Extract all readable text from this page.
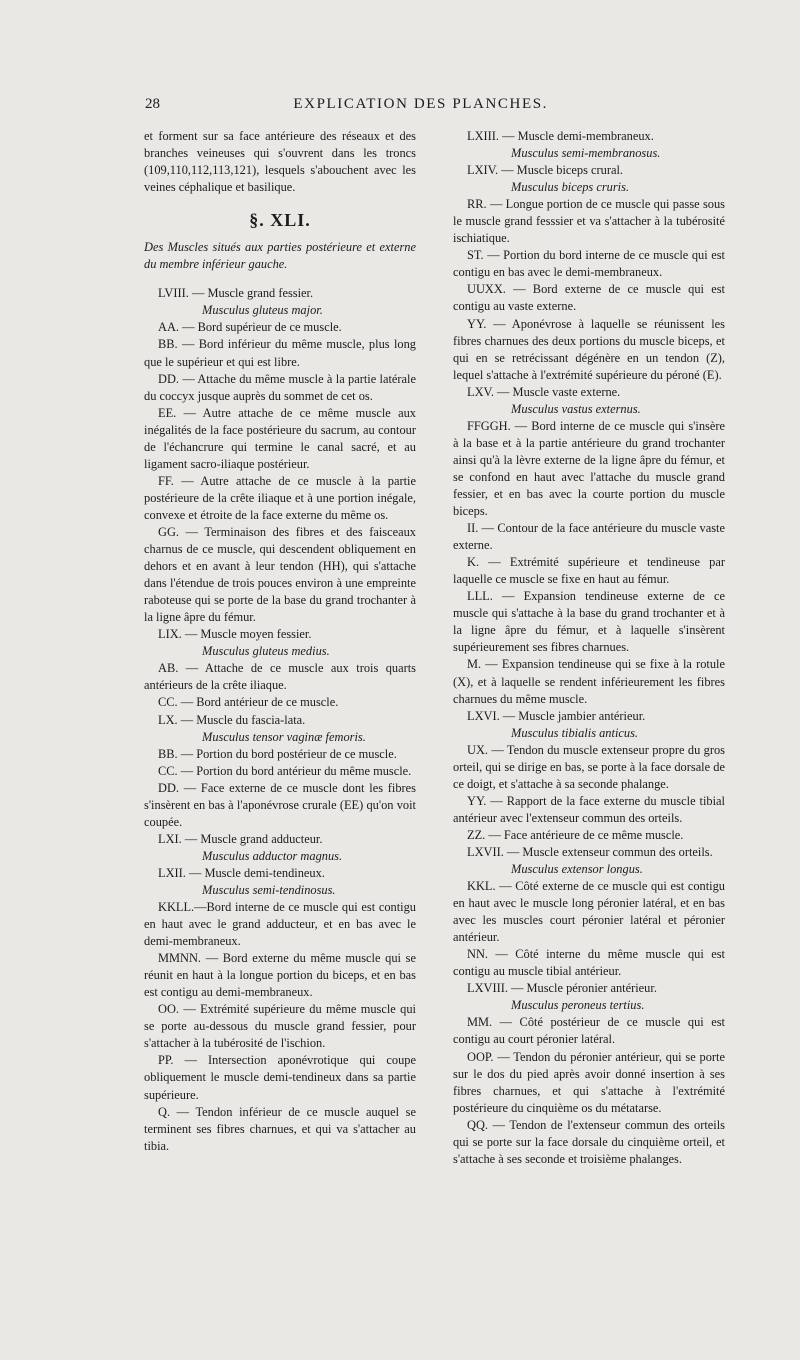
28	EXPLICATION DES PLANCHES.

et forment sur sa face antérieure des réseaux et des branches veineuses qui s'ouvrent dans les troncs (109,110,112,113,121), lesquels s'abouchent avec les veines céphalique et basilique.

§. XLI.

Des Muscles situés aux parties postérieure et externe du membre inférieur gauche.

LVIII. — Muscle grand fessier.

Musculus gluteus major.

AA. — Bord supérieur de ce muscle.

BB. — Bord inférieur du même muscle, plus long que le supérieur et qui est libre.

DD. — Attache du même muscle à la partie latérale du coccyx jusque auprès du sommet de cet os.

EE. — Autre attache de ce même muscle aux inégalités de la face postérieure du sacrum, au contour de l'échancrure qui termine le canal sacré, et au ligament sacro-iliaque postérieur.

FF. — Autre attache de ce muscle à la partie postérieure de la crête iliaque et à une portion inégale, convexe et étroite de la face externe du même os.

GG. — Terminaison des fibres et des faisceaux charnus de ce muscle, qui descendent obliquement en dehors et en avant à leur tendon (HH), qui s'attache dans l'étendue de trois pouces environ à une empreinte raboteuse qui se porte de la base du grand trochanter à la ligne âpre du fémur.

LIX. — Muscle moyen fessier.

Musculus gluteus medius.

AB. — Attache de ce muscle aux trois quarts antérieurs de la crête iliaque.

CC. — Bord antérieur de ce muscle.

LX. — Muscle du fascia-lata.

Musculus tensor vaginæ femoris.

BB. — Portion du bord postérieur de ce muscle.

CC. — Portion du bord antérieur du même muscle.

DD. — Face externe de ce muscle dont les fibres s'insèrent en bas à l'aponévrose crurale (EE) qu'on voit coupée.

LXI. — Muscle grand adducteur.

Musculus adductor magnus.

LXII. — Muscle demi-tendineux.

Musculus semi-tendinosus.

KKLL.—Bord interne de ce muscle qui est contigu en haut avec le grand adducteur, et en bas avec le demi-membraneux.

MMNN. — Bord externe du même muscle qui se réunit en haut à la longue portion du biceps, et en bas est contigu au demi-membraneux.

OO. — Extrémité supérieure du même muscle qui se porte au-dessous du muscle grand fessier, pour s'attacher à la tubérosité de l'ischion.

PP. — Intersection aponévrotique qui coupe obliquement le muscle demi-tendineux dans sa partie supérieure.

Q. — Tendon inférieur de ce muscle auquel se terminent ses fibres charnues, et qui va s'attacher au tibia.

LXIII. — Muscle demi-membraneux.

Musculus semi-membranosus.

LXIV. — Muscle biceps crural.

Musculus biceps cruris.

RR. — Longue portion de ce muscle qui passe sous le muscle grand fesssier et va s'attacher à la tubérosité ischiatique.

ST. — Portion du bord interne de ce muscle qui est contigu en bas avec le demi-membraneux.

UUXX. — Bord externe de ce muscle qui est contigu au vaste externe.

YY. — Aponévrose à laquelle se réunissent les fibres charnues des deux portions du muscle biceps, et qui en se retrécissant dégénère en un tendon (Z), lequel s'attache à l'extrémité supérieure du péroné (E).

LXV. — Muscle vaste externe.

Musculus vastus externus.

FFGGH. — Bord interne de ce muscle qui s'insère à la base et à la partie antérieure du grand trochanter ainsi qu'à la lèvre externe de la ligne âpre du fémur, et se confond en haut avec l'attache du muscle grand fessier, et en bas avec la courte portion du muscle biceps.

II. — Contour de la face antérieure du muscle vaste externe.

K. — Extrémité supérieure et tendineuse par laquelle ce muscle se fixe en haut au fémur.

LLL. — Expansion tendineuse externe de ce muscle qui s'attache à la base du grand trochanter et à la ligne âpre du fémur, et à laquelle s'insèrent supérieurement ses fibres charnues.

M. — Expansion tendineuse qui se fixe à la rotule (X), et à laquelle se rendent inférieurement les fibres charnues du même muscle.

LXVI. — Muscle jambier antérieur.

Musculus tibialis anticus.

UX. — Tendon du muscle extenseur propre du gros orteil, qui se dirige en bas, se porte à la face dorsale de ce doigt, et s'attache à sa seconde phalange.

YY. — Rapport de la face externe du muscle tibial antérieur avec l'extenseur commun des orteils.

ZZ. — Face antérieure de ce même muscle.

LXVII. — Muscle extenseur commun des orteils.

Musculus extensor longus.

KKL. — Côté externe de ce muscle qui est contigu en haut avec le muscle long péronier latéral, et en bas avec les muscles court péronier latéral et péronier antérieur.

NN. — Côté interne du même muscle qui est contigu au muscle tibial antérieur.

LXVIII. — Muscle péronier antérieur.

Musculus peroneus tertius.

MM. — Côté postérieur de ce muscle qui est contigu au court péronier latéral.

OOP. — Tendon du péronier antérieur, qui se porte sur le dos du pied après avoir donné insertion à ses fibres charnues, et qui s'attache à l'extrémité postérieure du cinquième os du métatarse.

QQ. — Tendon de l'extenseur commun des orteils qui se porte sur la face dorsale du cinquième orteil, et s'attache à ses seconde et troisième phalanges.
